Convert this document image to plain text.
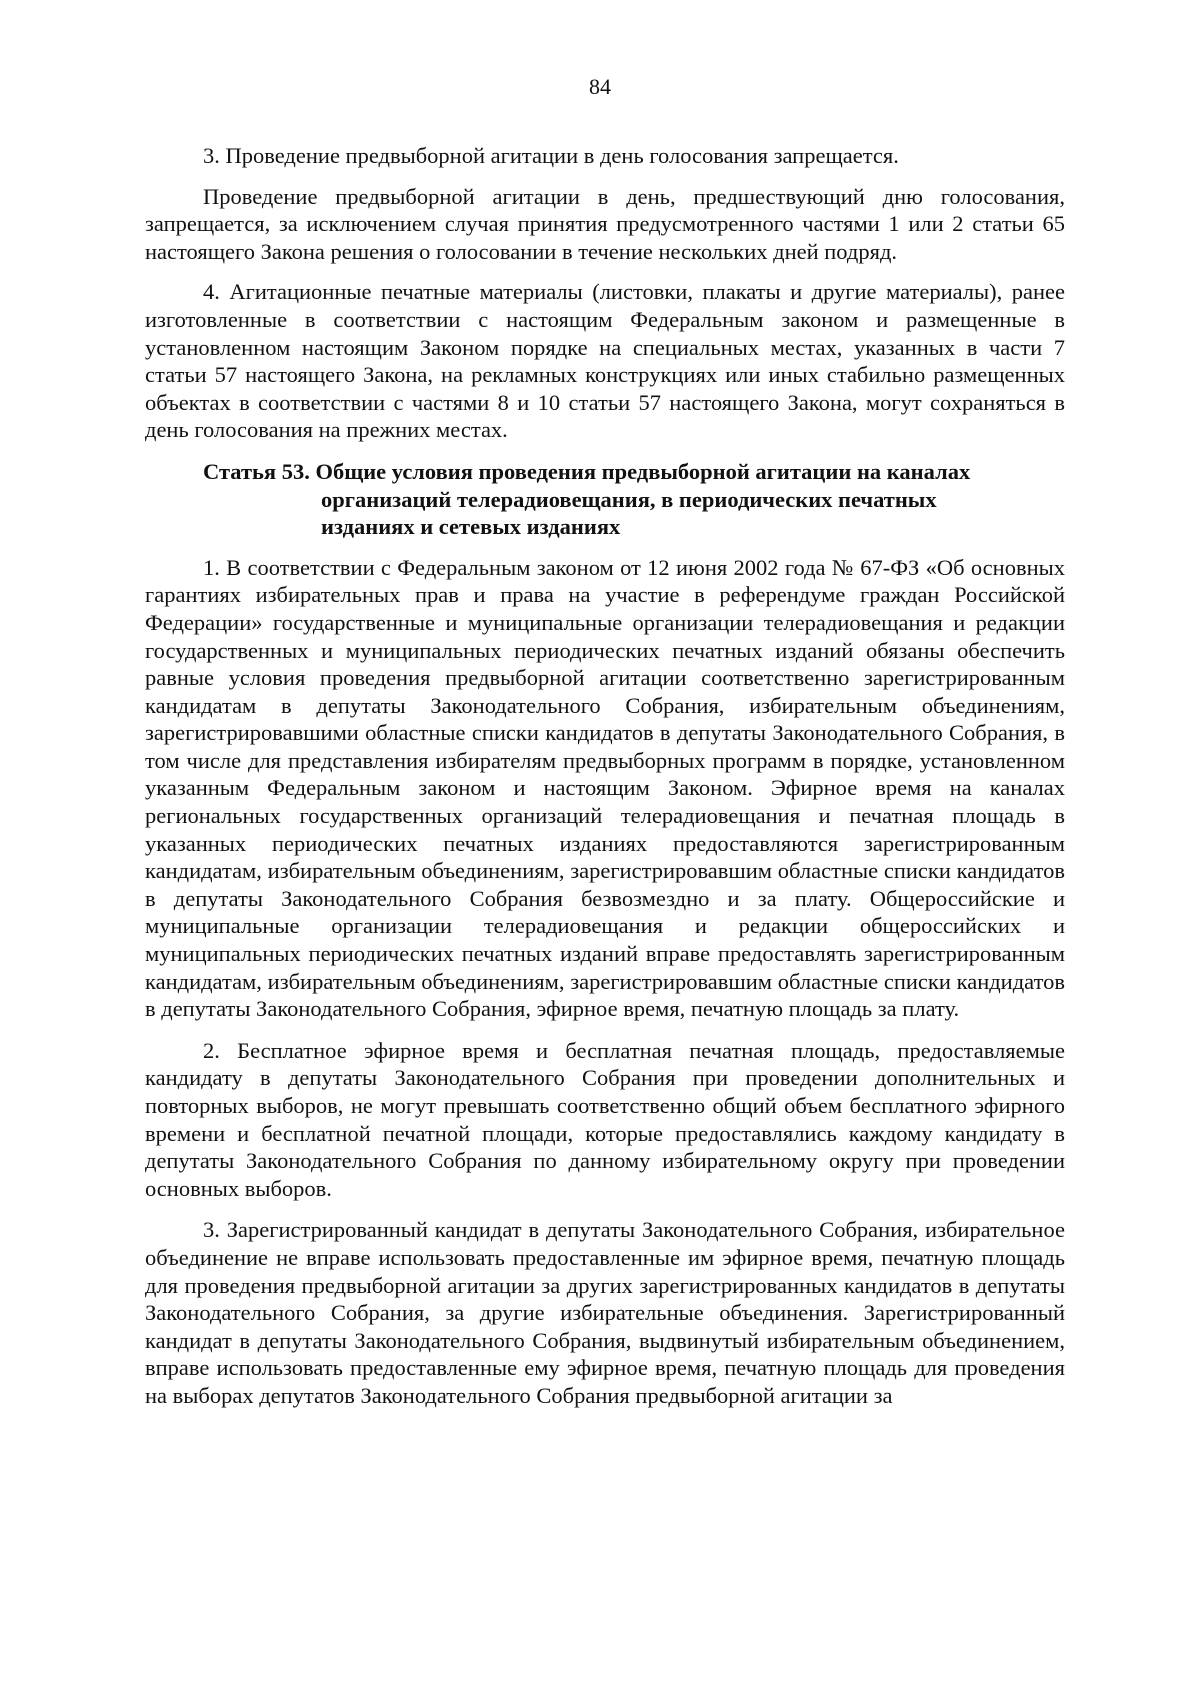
84

3. Проведение предвыборной агитации в день голосования запрещается.

Проведение предвыборной агитации в день, предшествующий дню голосования, запрещается, за исключением случая принятия предусмотренного частями 1 или 2 статьи 65 настоящего Закона решения о голосовании в течение нескольких дней подряд.

4. Агитационные печатные материалы (листовки, плакаты и другие материалы), ранее изготовленные в соответствии с настоящим Федеральным законом и размещенные в установленном настоящим Законом порядке на специальных местах, указанных в части 7 статьи 57 настоящего Закона, на рекламных конструкциях или иных стабильно размещенных объектах в соответствии с частями 8 и 10 статьи 57 настоящего Закона, могут сохраняться в день голосования на прежних местах.

Статья 53. Общие условия проведения предвыборной агитации на каналах
организаций телерадиовещания, в периодических печатных
изданиях и сетевых изданиях

1. В соответствии с Федеральным законом от 12 июня 2002 года № 67-ФЗ «Об основных гарантиях избирательных прав и права на участие в референдуме граждан Российской Федерации» государственные и муниципальные организации телерадиовещания и редакции государственных и муниципальных периодических печатных изданий обязаны обеспечить равные условия проведения предвыборной агитации соответственно зарегистрированным кандидатам в депутаты Законодательного Собрания, избирательным объединениям, зарегистрировавшими областные списки кандидатов в депутаты Законодательного Собрания, в том числе для представления избирателям предвыборных программ в порядке, установленном указанным Федеральным законом и настоящим Законом. Эфирное время на каналах региональных государственных организаций телерадиовещания и печатная площадь в указанных периодических печатных изданиях предоставляются зарегистрированным кандидатам, избирательным объединениям, зарегистрировавшим областные списки кандидатов в депутаты Законодательного Собрания безвозмездно и за плату. Общероссийские и муниципальные организации телерадиовещания и редакции общероссийских и муниципальных периодических печатных изданий вправе предоставлять зарегистрированным кандидатам, избирательным объединениям, зарегистрировавшим областные списки кандидатов в депутаты Законодательного Собрания, эфирное время, печатную площадь за плату.

2. Бесплатное эфирное время и бесплатная печатная площадь, предоставляемые кандидату в депутаты Законодательного Собрания при проведении дополнительных и повторных выборов, не могут превышать соответственно общий объем бесплатного эфирного времени и бесплатной печатной площади, которые предоставлялись каждому кандидату в депутаты Законодательного Собрания по данному избирательному округу при проведении основных выборов.

3. Зарегистрированный кандидат в депутаты Законодательного Собрания, избирательное объединение не вправе использовать предоставленные им эфирное время, печатную площадь для проведения предвыборной агитации за других зарегистрированных кандидатов в депутаты Законодательного Собрания, за другие избирательные объединения. Зарегистрированный кандидат в депутаты Законодательного Собрания, выдвинутый избирательным объединением, вправе использовать предоставленные ему эфирное время, печатную площадь для проведения на выборах депутатов Законодательного Собрания предвыборной агитации за
